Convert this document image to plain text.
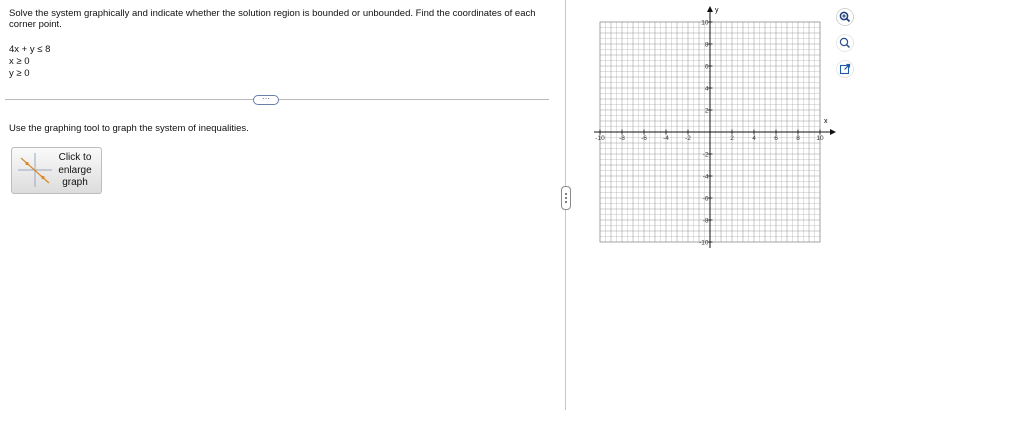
Solve the system graphically and indicate whether the solution region is bounded or unbounded. Find the coordinates of each corner point.
4x + y ≤ 8
x ≥ 0
y ≥ 0
···
Use the graphing tool to graph the system of inequalities.
Click to enlarge graph
x
y
-10 -8 -6 -4 -2	2	4	6	8	10
10
8
6
4
2
-2
-4
-6
-8
-10
